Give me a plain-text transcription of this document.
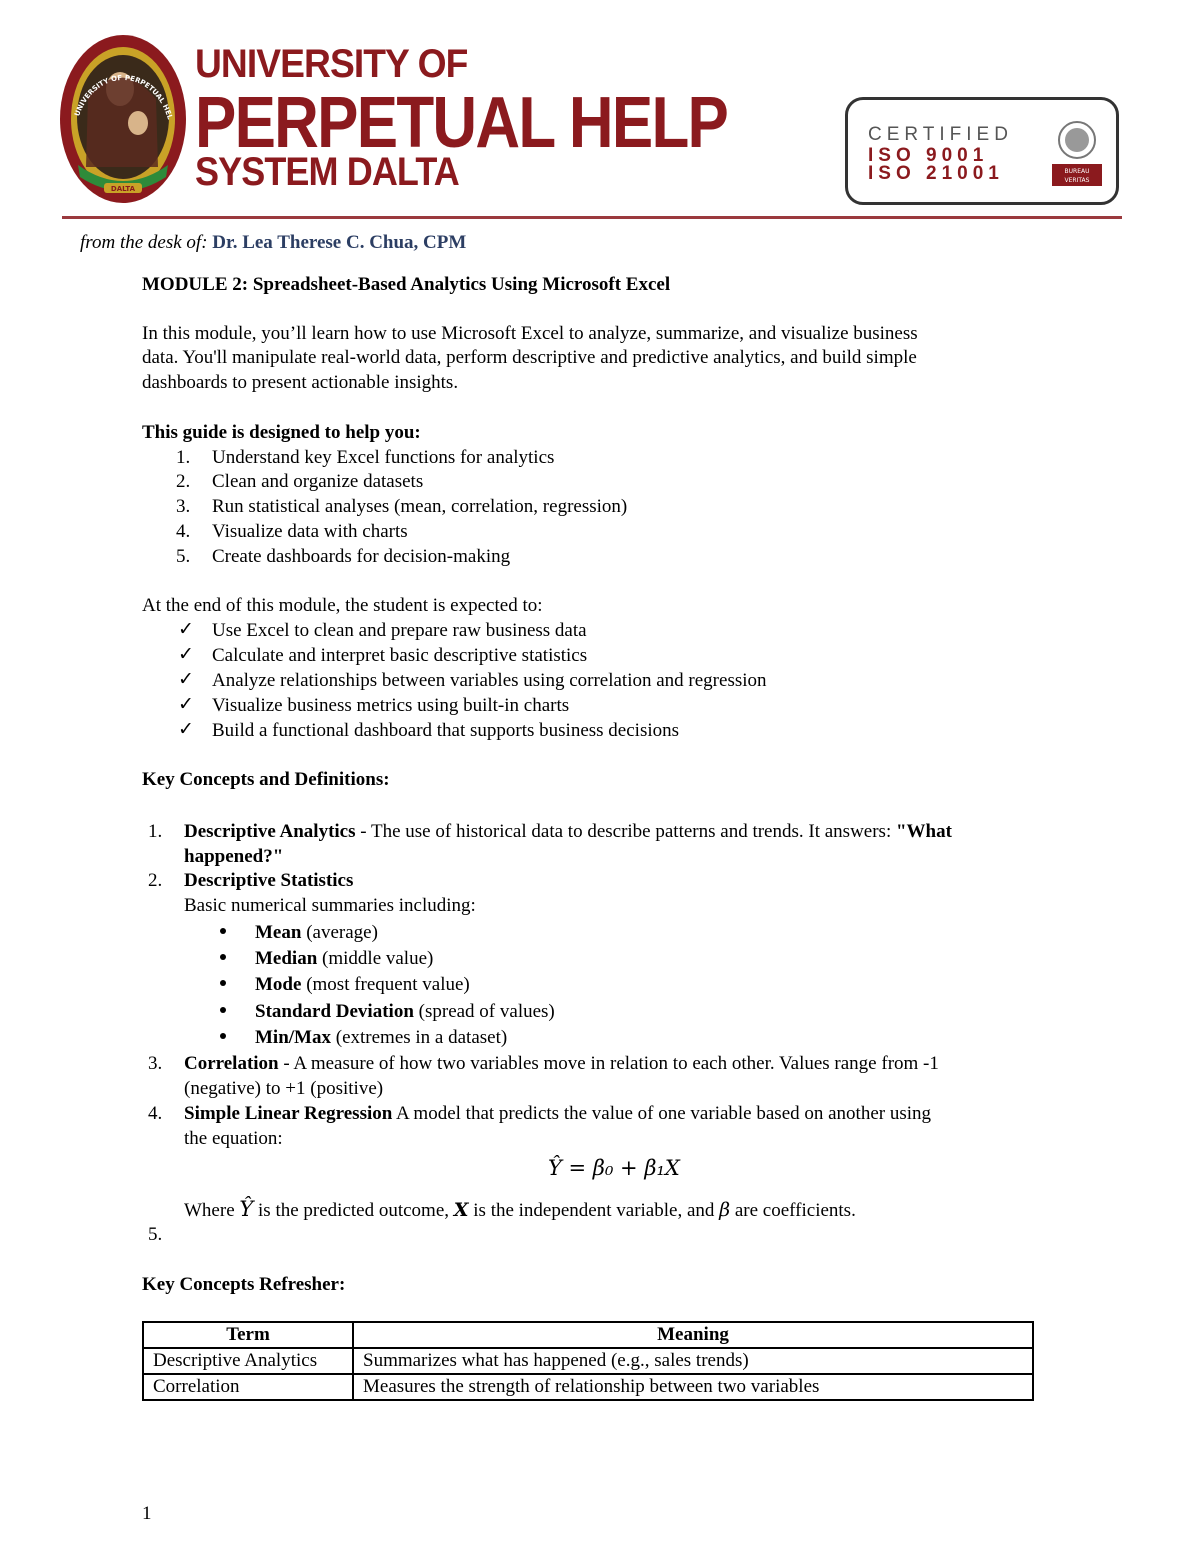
UNIVERSITY OF PERPETUAL HEL
DALTA
UNIVERSITY OF
PERPETUAL HELP
SYSTEM DALTA
CERTIFIED
ISO 9001
ISO 21001	BUREAU
VERITAS
from the desk of: Dr. Lea Therese C. Chua, CPM

MODULE 2: Spreadsheet-Based Analytics Using Microsoft Excel

In this module, you’ll learn how to use Microsoft Excel to analyze, summarize, and visualize business

data. You'll manipulate real-world data, perform descriptive and predictive analytics, and build simple

dashboards to present actionable insights.

This guide is designed to help you:

1. Understand key Excel functions for analytics
2. Clean and organize datasets
3. Run statistical analyses (mean, correlation, regression)
4. Visualize data with charts
5. Create dashboards for decision-making

At the end of this module, the student is expected to:

✓ Use Excel to clean and prepare raw business data
✓ Calculate and interpret basic descriptive statistics
✓ Analyze relationships between variables using correlation and regression
✓ Visualize business metrics using built-in charts
✓ Build a functional dashboard that supports business decisions

Key Concepts and Definitions:

1. Descriptive Analytics - The use of historical data to describe patterns and trends. It answers: "What

happened?"

2. Descriptive Statistics

Basic numerical summaries including:

Mean (average)

Median (middle value)

Mode (most frequent value)

Standard Deviation (spread of values)

Min/Max (extremes in a dataset)

3. Correlation - A measure of how two variables move in relation to each other. Values range from -1

(negative) to +1 (positive)

4. Simple Linear Regression A model that predicts the value of one variable based on another using

the equation:

Ŷ = β₀ + β₁X

Where Ŷ is the predicted outcome, X is the independent variable, and β are coefficients.

5.

Key Concepts Refresher:

Term	Meaning
Descriptive Analytics	Summarizes what has happened (e.g., sales trends)
Correlation	Measures the strength of relationship between two variables
1
